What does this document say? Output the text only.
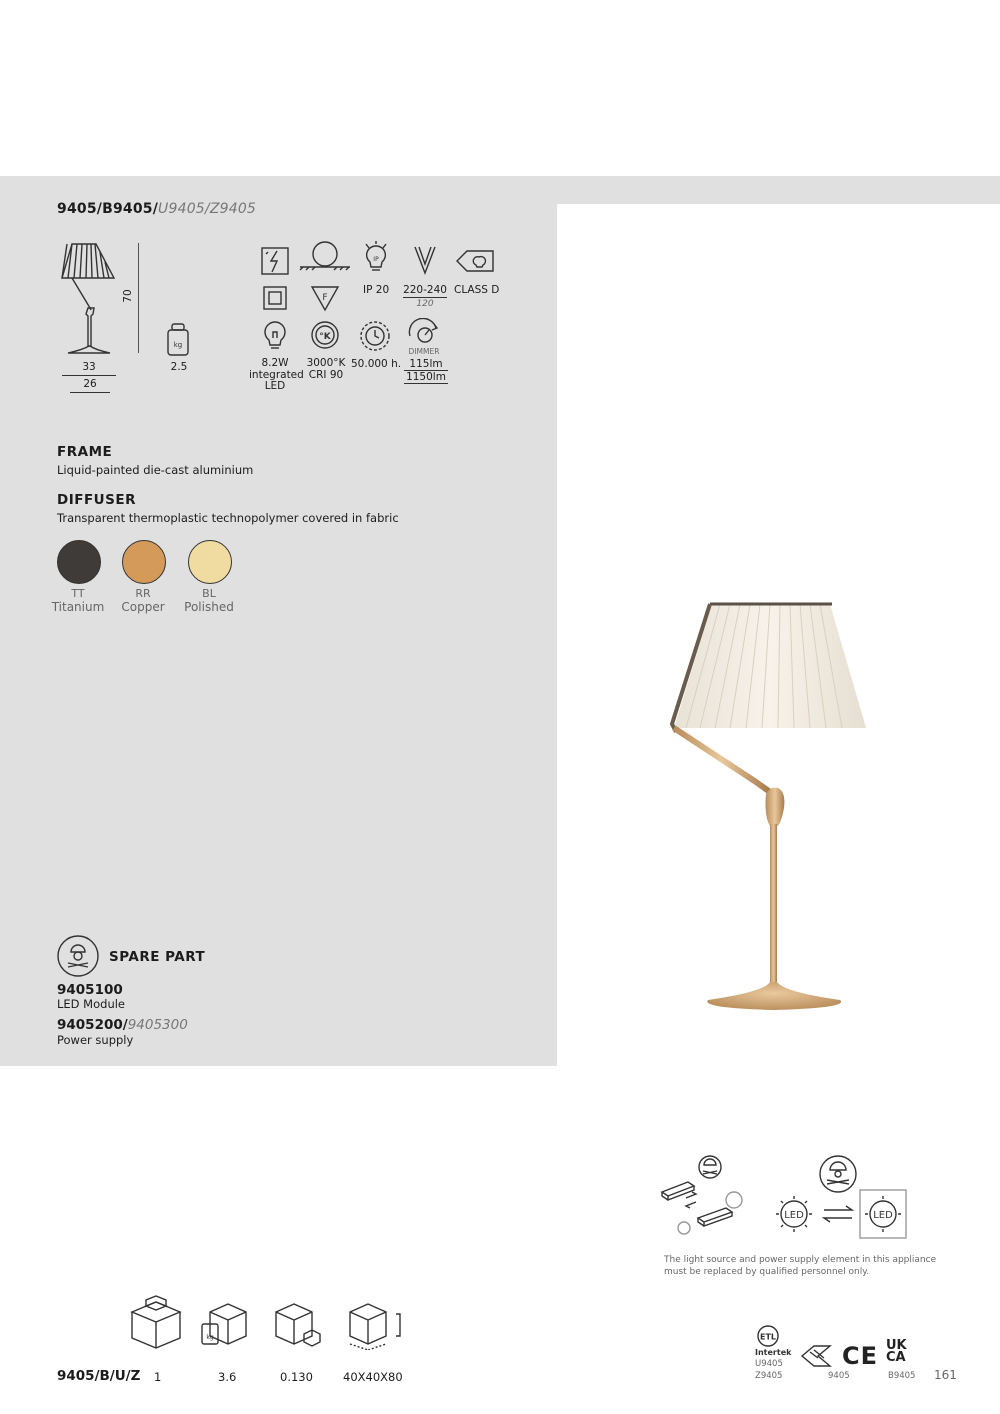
9405/B9405/U9405/Z9405
70
33
26
kg
2.5
IP
F
IP 20 220-240
120
CLASS D
°K
DIMMER
8.2W
integrated
LED
3000°K
CRI 90
50.000 h. 115lm
1150lm
FRAME
Liquid-painted die-cast aluminium
DIFFUSER
Transparent thermoplastic technopolymer covered in fabric
TT
Titanium
RR
Copper
BL
Polished
SPARE PART
9405100
LED Module
9405200/9405300
Power supply
LED	LED
The light source and power supply element in this appliance
must be replaced by qualified personnel only.
ETL
Intertek
U9405
Z9405	9405
CE UK
CA
B9405 161
kg
9405/B/U/Z 1	3.6	0.130	40X40X80
